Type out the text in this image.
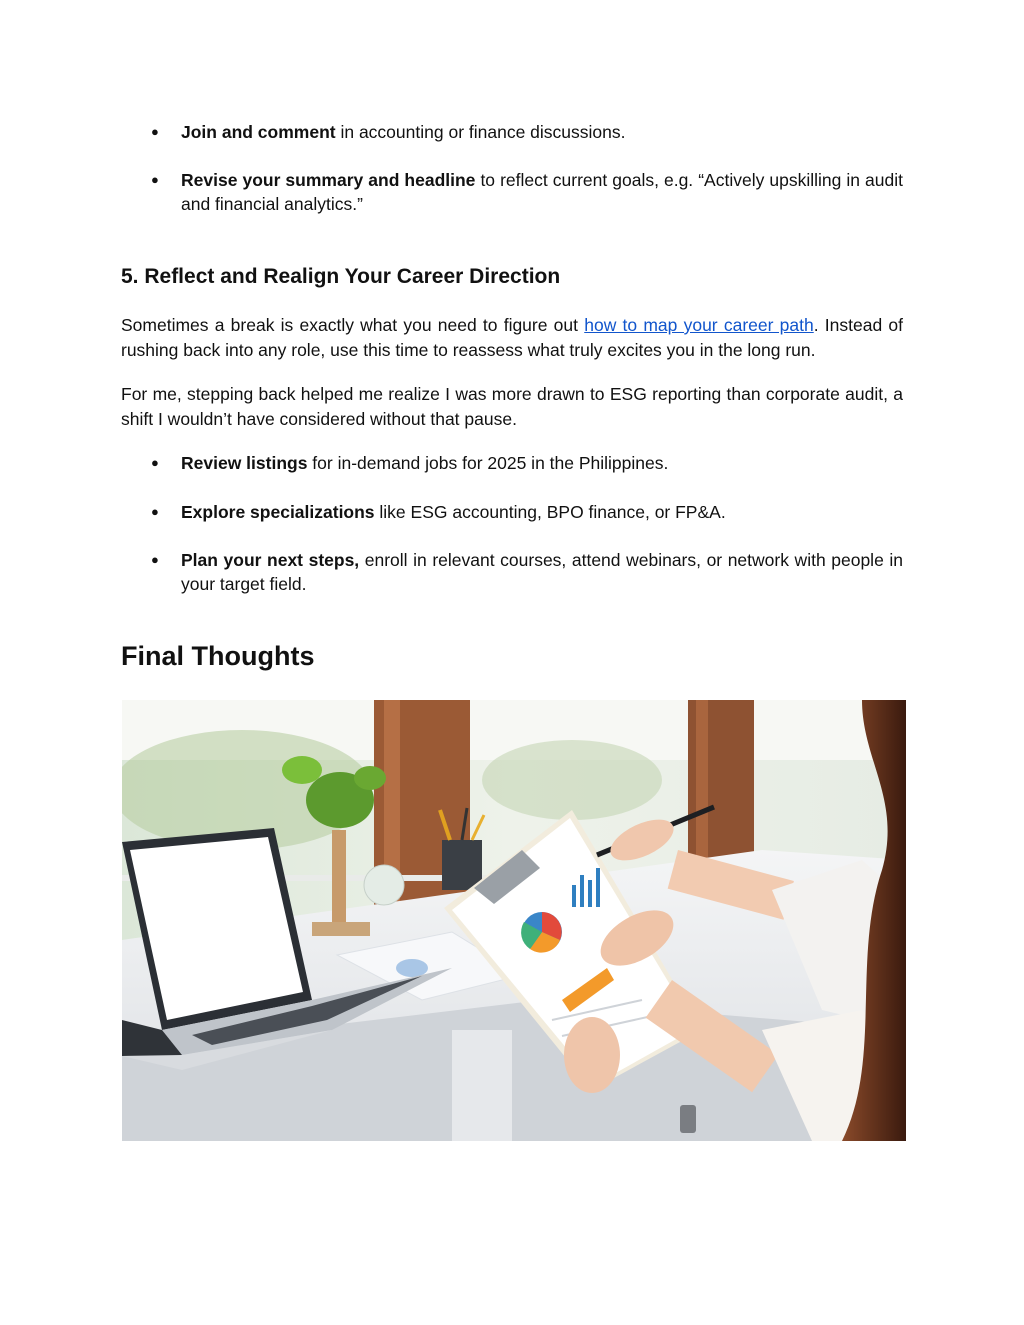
● Join and comment in accounting or finance discussions.
● Revise your summary and headline to reflect current goals, e.g. “Actively upskilling in audit and financial analytics.”
5. Reflect and Realign Your Career Direction

Sometimes a break is exactly what you need to figure out how to map your career path. Instead of rushing back into any role, use this time to reassess what truly excites you in the long run.

For me, stepping back helped me realize I was more drawn to ESG reporting than corporate audit, a shift I wouldn’t have considered without that pause.

● Review listings for in-demand jobs for 2025 in the Philippines.
● Explore specializations like ESG accounting, BPO finance, or FP&A.
● Plan your next steps, enroll in relevant courses, attend webinars, or network with people in your target field.
Final Thoughts
